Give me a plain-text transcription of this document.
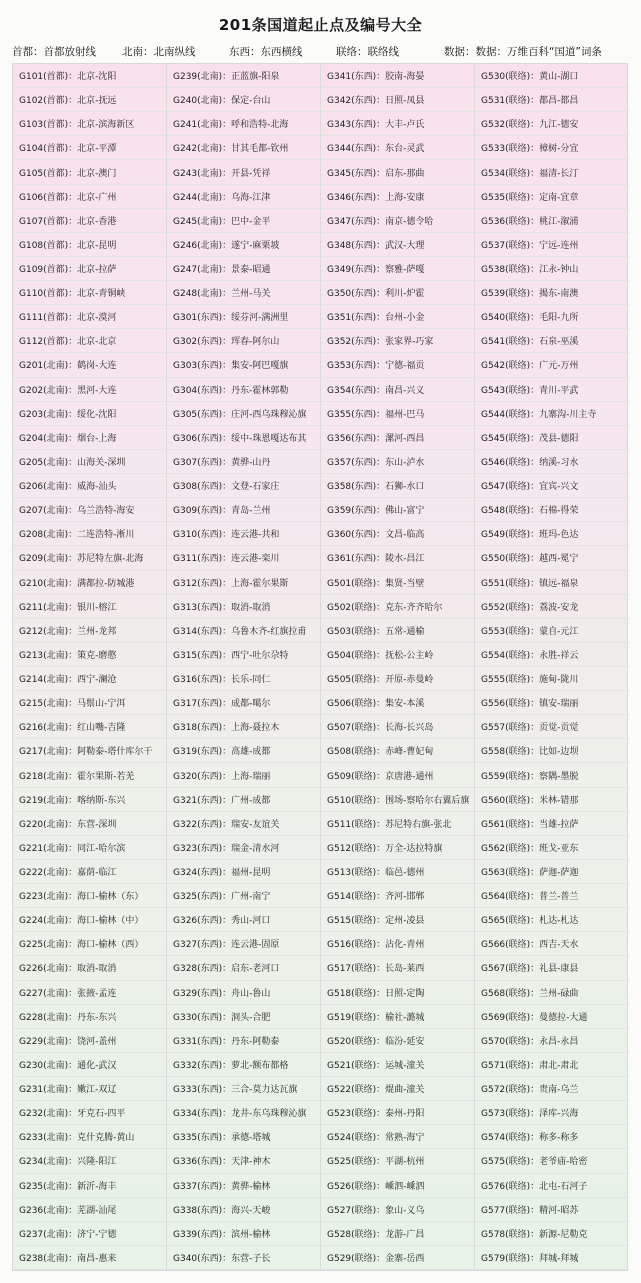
201条国道起止点及编号大全
首都：首都放射线 北南：北南纵线	东西：东西横线	联络：联络线	数据：数据：万维百科“国道”词条
G101(首都)：北京-沈阳	G239(北南)：正蓝旗-阳泉	G341(东西)：胶南-海晏	G530(联络)：黄山-湖口
G102(首都)：北京-抚远	G240(北南)：保定-台山	G342(东西)：日照-凤县	G531(联络)：都昌-都昌
G103(首都)：北京-滨海新区	G241(北南)：呼和浩特-北海	G343(东西)：大丰-卢氏	G532(联络)：九江-德安
G104(首都)：北京-平潭	G242(北南)：甘其毛都-钦州	G344(东西)：东台-灵武	G533(联络)：樟树-分宜
G105(首都)：北京-澳门	G243(北南)：开县-凭祥	G345(东西)：启东-那曲	G534(联络)：福清-长汀
G106(首都)：北京-广州	G244(北南)：乌海-江津	G346(东西)：上海-安康	G535(联络)：定南-宜章
G107(首都)：北京-香港	G245(北南)：巴中-金平	G347(东西)：南京-德令哈	G536(联络)：桃江-溆浦
G108(首都)：北京-昆明	G246(北南)：遂宁-麻栗坡	G348(东西)：武汉-大理	G537(联络)：宁远-连州
G109(首都)：北京-拉萨	G247(北南)：景泰-昭通	G349(东西)：察雅-萨嘎	G538(联络)：江永-钟山
G110(首都)：北京-青铜峡	G248(北南)：兰州-马关	G350(东西)：利川-炉霍	G539(联络)：揭东-南澳
G111(首都)：北京-漠河	G301(东西)：绥芬河-满洲里	G351(东西)：台州-小金	G540(联络)：毛阳-九所
G112(首都)：北京-北京	G302(东西)：珲春-阿尔山	G352(东西)：张家界-巧家	G541(联络)：石泉-巫溪
G201(北南)：鹤岗-大连	G303(东西)：集安-阿巴嘎旗	G353(东西)：宁德-福贡	G542(联络)：广元-万州
G202(北南)：黑河-大连	G304(东西)：丹东-霍林郭勒	G354(东西)：南昌-兴义	G543(联络)：青川-平武
G203(北南)：绥化-沈阳	G305(东西)：庄河-西乌珠穆沁旗	G355(东西)：福州-巴马	G544(联络)：九寨沟-川主寺
G204(北南)：烟台-上海	G306(东西)：绥中-珠恩嘎达布其	G356(东西)：漯河-西昌	G545(联络)：茂县-德阳
G205(北南)：山海关-深圳	G307(东西)：黄骅-山丹	G357(东西)：东山-泸水	G546(联络)：纳溪-习水
G206(北南)：威海-汕头	G308(东西)：文登-石家庄	G358(东西)：石狮-水口	G547(联络)：宜宾-兴文
G207(北南)：乌兰浩特-海安	G309(东西)：青岛-兰州	G359(东西)：佛山-富宁	G548(联络)：石棉-得荣
G208(北南)：二连浩特-淅川	G310(东西)：连云港-共和	G360(东西)：文昌-临高	G549(联络)：班玛-色达
G209(北南)：苏尼特左旗-北海	G311(东西)：连云港-栾川	G361(东西)：陵水-昌江	G550(联络)：越西-冕宁
G210(北南)：满都拉-防城港	G312(东西)：上海-霍尔果斯	G501(联络)：集贤-当壁	G551(联络)：镇远-福泉
G211(北南)：银川-榕江	G313(东西)：取消-取消	G502(联络)：克东-齐齐哈尔	G552(联络)：荔波-安龙
G212(北南)：兰州-龙邦	G314(东西)：乌鲁木齐-红旗拉甫	G503(联络)：五常-通榆	G553(联络)：蒙自-元江
G213(北南)：策克-磨憨	G315(东西)：西宁-吐尔尕特	G504(联络)：抚松-公主岭	G554(联络)：永胜-祥云
G214(北南)：西宁-澜沧	G316(东西)：长乐-同仁	G505(联络)：开原-赤曼岭	G555(联络)：施甸-陇川
G215(北南)：马鬃山-宁洱	G317(东西)：成都-噶尔	G506(联络)：集安-本溪	G556(联络)：镇安-瑞丽
G216(北南)：红山嘴-吉隆	G318(东西)：上海-聂拉木	G507(联络)：长海-长兴岛	G557(联络)：贡觉-贡觉
G217(北南)：阿勒泰-塔什库尔干	G319(东西)：高雄-成都	G508(联络)：赤峰-曹妃甸	G558(联络)：比如-边坝
G218(北南)：霍尔果斯-若羌	G320(东西)：上海-瑞丽	G509(联络)：京唐港-通州	G559(联络)：察隅-墨脱
G219(北南)：喀纳斯-东兴	G321(东西)：广州-成都	G510(联络)：围场-察哈尔右翼后旗	G560(联络)：米林-错那
G220(北南)：东营-深圳	G322(东西)：瑞安-友谊关	G511(联络)：苏尼特右旗-张北	G561(联络)：当雄-拉萨
G221(北南)：同江-哈尔滨	G323(东西)：瑞金-清水河	G512(联络)：万全-达拉特旗	G562(联络)：班戈-亚东
G222(北南)：嘉荫-临江	G324(东西)：福州-昆明	G513(联络)：临邑-德州	G563(联络)：萨迦-萨迦
G223(北南)：海口-榆林（东）	G325(东西)：广州-南宁	G514(联络)：齐河-邯郸	G564(联络)：普兰-普兰
G224(北南)：海口-榆林（中）	G326(东西)：秀山-河口	G515(联络)：定州-凌县	G565(联络)：札达-札达
G225(北南)：海口-榆林（西）	G327(东西)：连云港-固原	G516(联络)：沾化-青州	G566(联络)：西吉-天水
G226(北南)：取消-取消	G328(东西)：启东-老河口	G517(联络)：长岛-莱西	G567(联络)：礼县-康县
G227(北南)：张掖-孟连	G329(东西)：舟山-鲁山	G518(联络)：日照-定陶	G568(联络)：兰州-碌曲
G228(北南)：丹东-东兴	G330(东西)：洞头-合肥	G519(联络)：榆社-潞城	G569(联络)：曼德拉-大通
G229(北南)：饶河-盖州	G331(东西)：丹东-阿勒泰	G520(联络)：临汾-延安	G570(联络)：永昌-永昌
G230(北南)：通化-武汉	G332(东西)：萝北-额布都格	G521(联络)：运城-潼关	G571(联络)：肃北-肃北
G231(北南)：嫩江-双辽	G333(东西)：三合-莫力达瓦旗	G522(联络)：焜曲-潼关	G572(联络)：贵南-乌兰
G232(北南)：牙克石-四平	G334(东西)：龙井-东乌珠穆沁旗	G523(联络)：泰州-丹阳	G573(联络)：泽库-兴海
G233(北南)：克什克腾-黄山	G335(东西)：承德-塔城	G524(联络)：常熟-海宁	G574(联络)：称多-称多
G234(北南)：兴隆-阳江	G336(东西)：天津-神木	G525(联络)：平湖-杭州	G575(联络)：老爷庙-哈密
G235(北南)：新沂-海丰	G337(东西)：黄骅-榆林	G526(联络)：嵊泗-嵊泗	G576(联络)：北屯-石河子
G236(北南)：芜湖-汕尾	G338(东西)：海兴-天峻	G527(联络)：象山-义乌	G577(联络)：精河-昭苏
G237(北南)：济宁-宁德	G339(东西)：滨州-榆林	G528(联络)：龙游-广昌	G578(联络)：新源-尼勒克
G238(北南)：南昌-惠来	G340(东西)：东营-子长	G529(联络)：金寨-岳西	G579(联络)：拜城-拜城
